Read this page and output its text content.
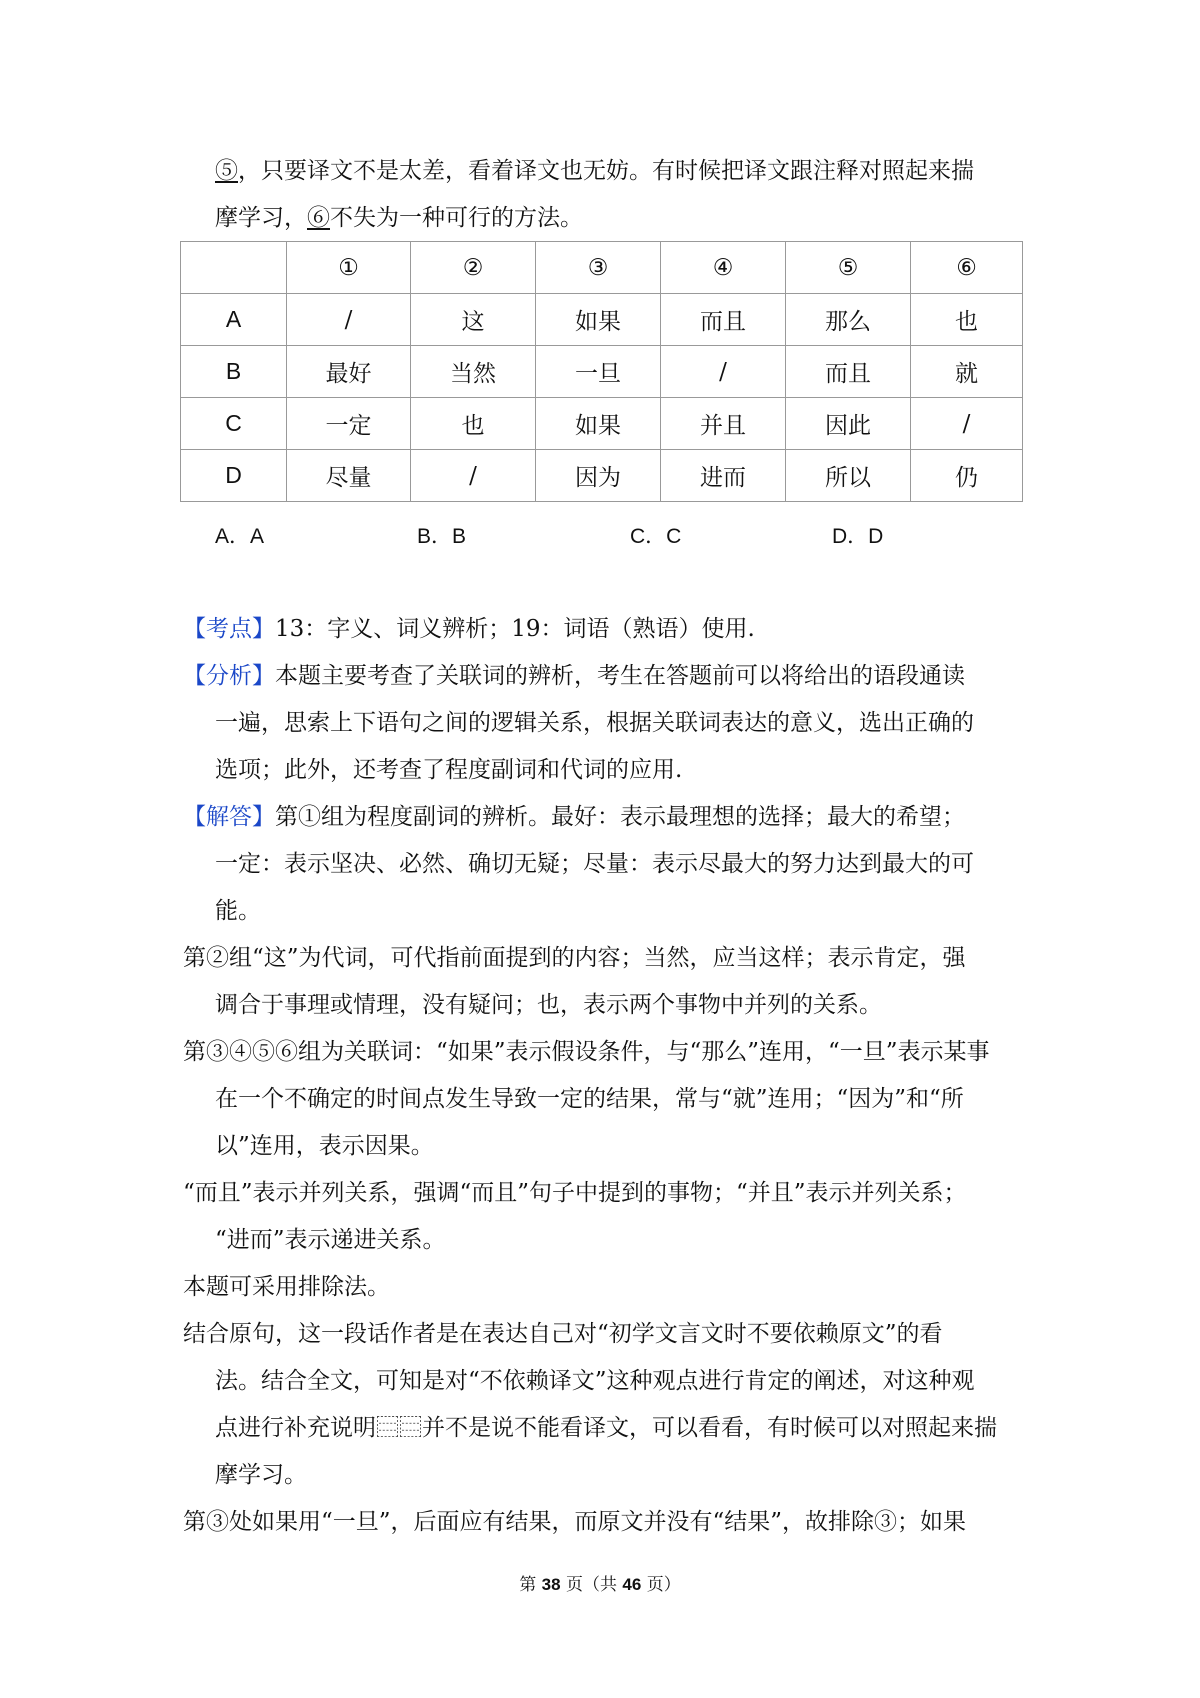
⑤，只要译文不是太差，看着译文也无妨。有时候把译文跟注释对照起来揣
摩学习，⑥不失为一种可行的方法。
	①	②	③	④	⑤	⑥
A	/	这	如果	而且	那么	也
B	最好	当然	一旦	/	而且	就
C	一定	也	如果	并且	因此	/
D	尽量	/	因为	进而	所以	仍
A．A	B．B	C．C	D．D
【考点】13：字义、词义辨析；19：词语（熟语）使用.
【分析】本题主要考查了关联词的辨析，考生在答题前可以将给出的语段通读
一遍，思索上下语句之间的逻辑关系，根据关联词表达的意义，选出正确的
选项；此外，还考查了程度副词和代词的应用.
【解答】第①组为程度副词的辨析。最好：表示最理想的选择；最大的希望；
一定：表示坚决、必然、确切无疑；尽量：表示尽最大的努力达到最大的可
能。
第②组“这”为代词，可代指前面提到的内容；当然，应当这样；表示肯定，强
调合于事理或情理，没有疑问；也，表示两个事物中并列的关系。
第③④⑤⑥组为关联词：“如果”表示假设条件，与“那么”连用，“一旦”表示某事
在一个不确定的时间点发生导致一定的结果，常与“就”连用；“因为”和“所
以”连用，表示因果。
“而且”表示并列关系，强调“而且”句子中提到的事物；“并且”表示并列关系；
“进而”表示递进关系。
本题可采用排除法。
结合原句，这一段话作者是在表达自己对“初学文言文时不要依赖原文”的看
法。结合全文，可知是对“不依赖译文”这种观点进行肯定的阐述，对这种观
点进行补充说明⿳⿳并不是说不能看译文，可以看看，有时候可以对照起来揣
摩学习。
第③处如果用“一旦”，后面应有结果，而原文并没有“结果”，故排除③；如果
第 38 页（共 46 页）
